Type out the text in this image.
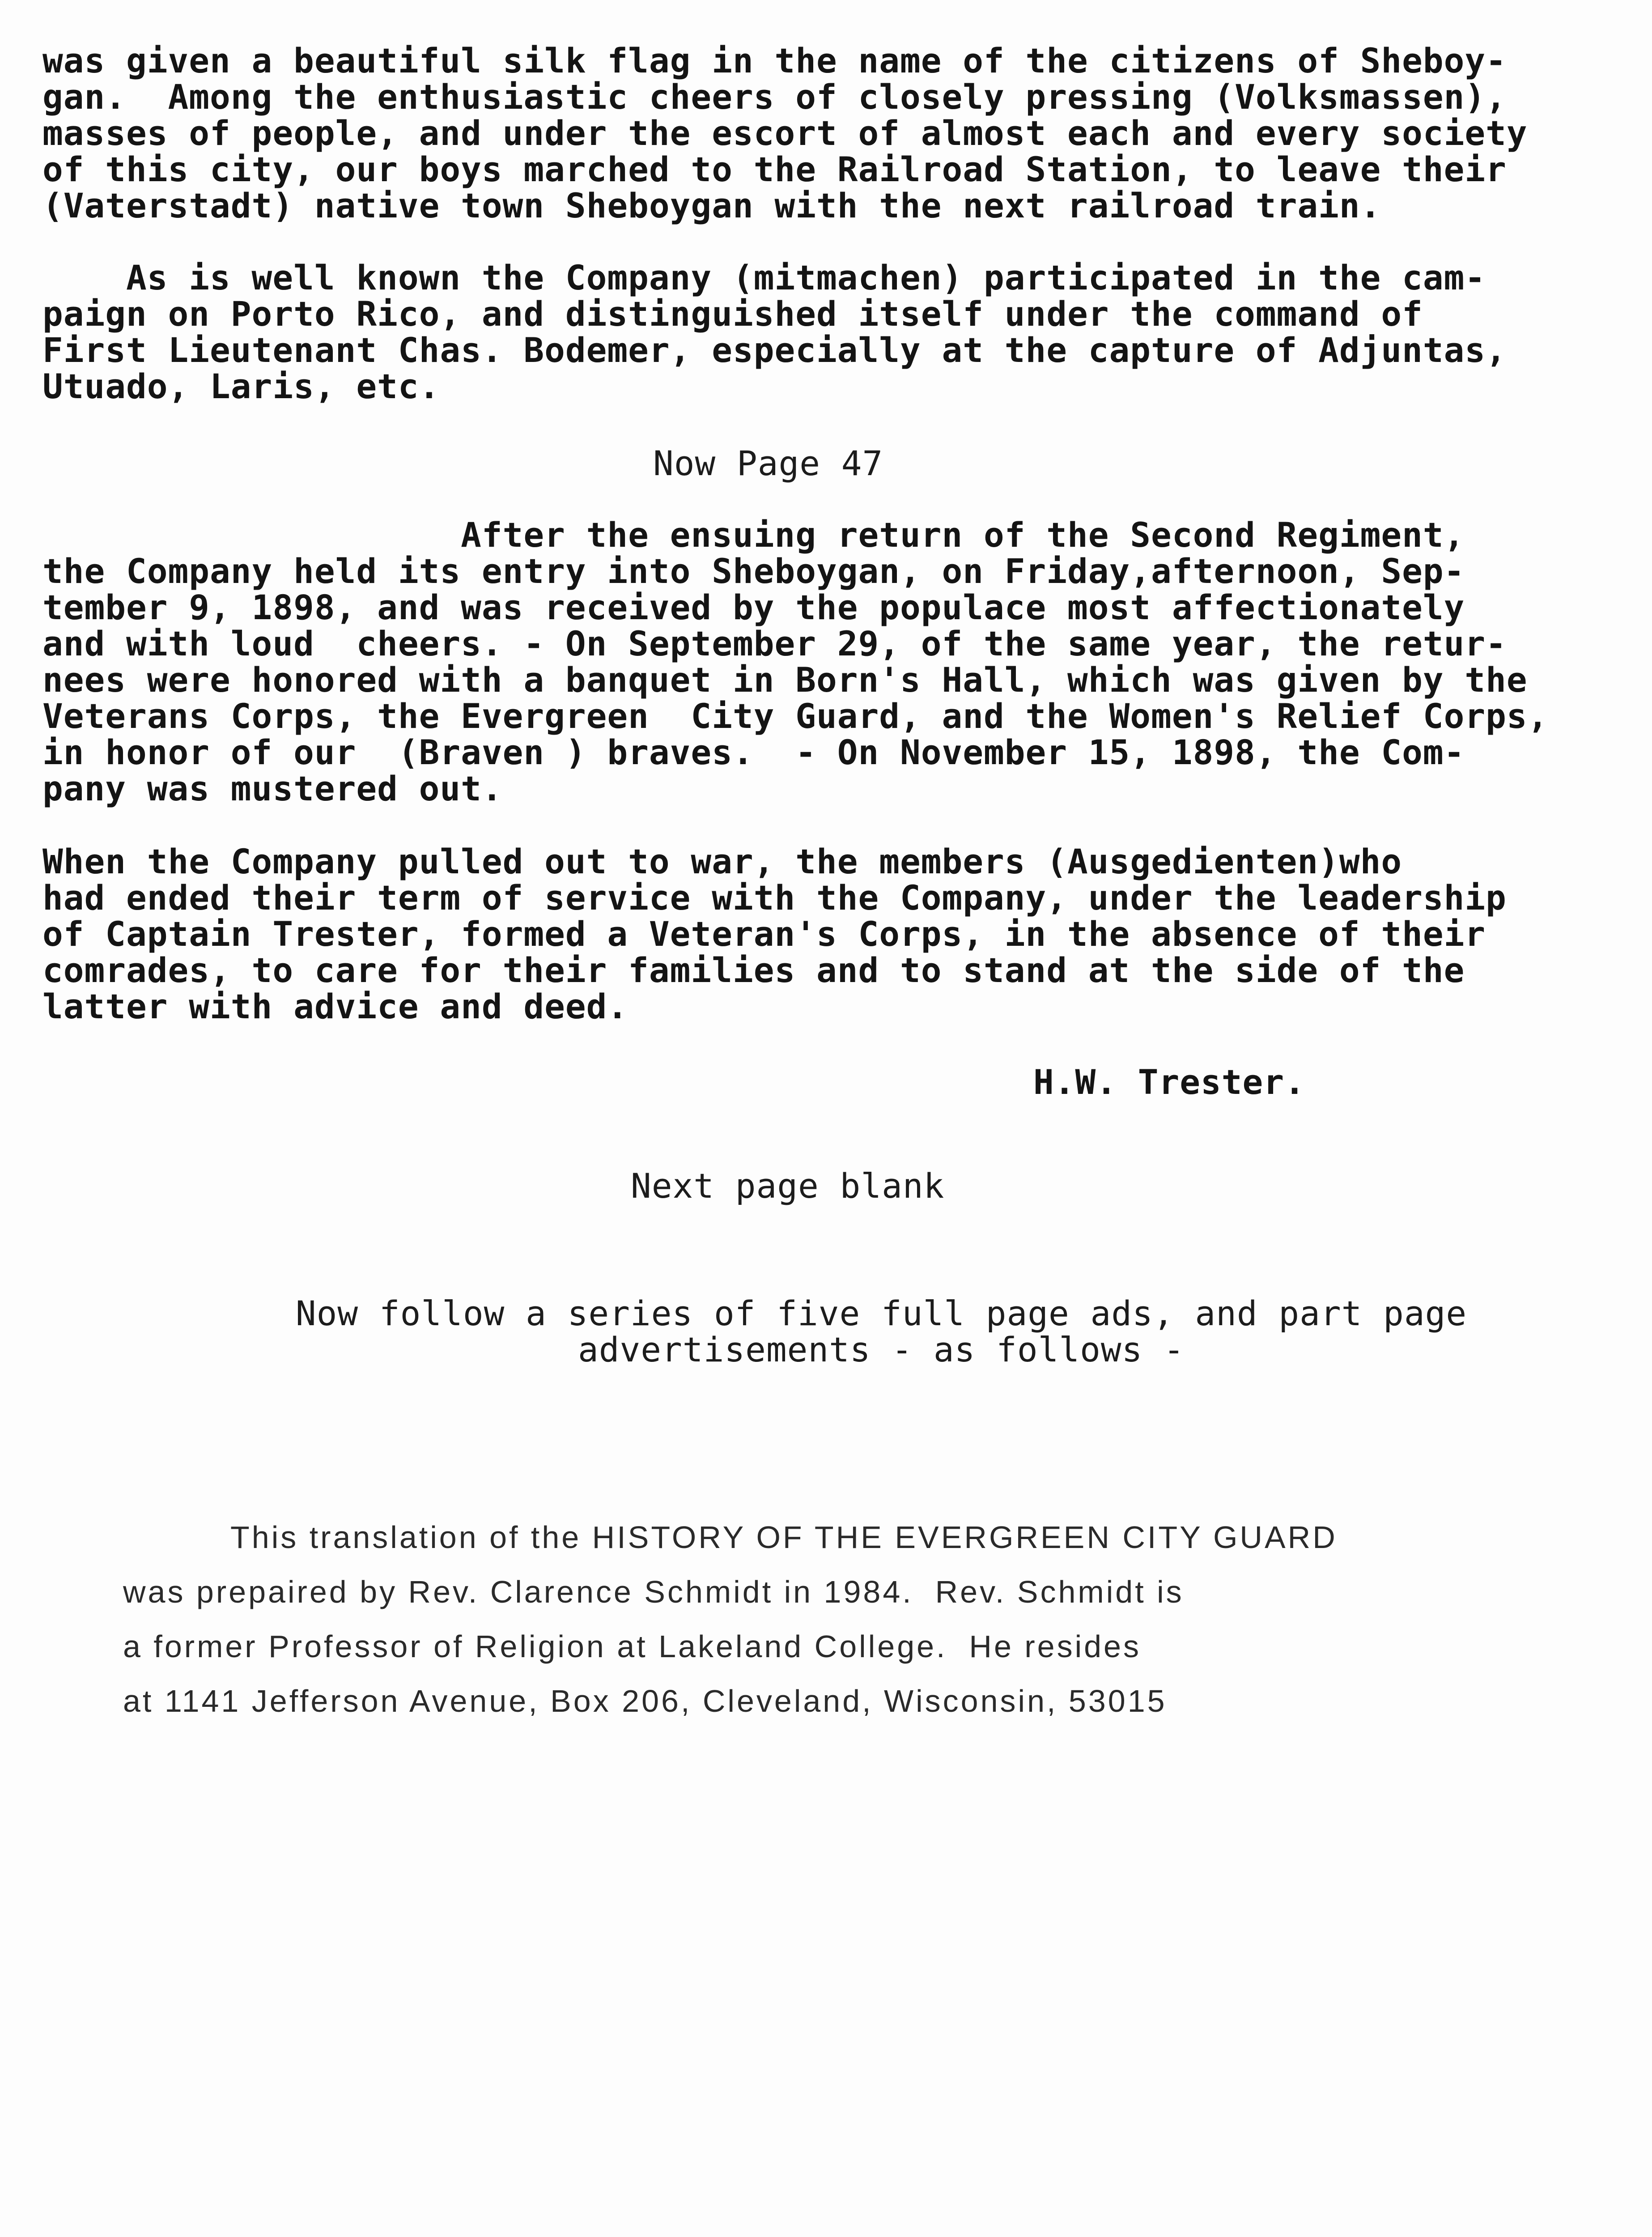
was given a beautiful silk flag in the name of the citizens of Sheboy-
gan.  Among the enthusiastic cheers of closely pressing (Volksmassen),
masses of people, and under the escort of almost each and every society
of this city, our boys marched to the Railroad Station, to leave their
(Vaterstadt) native town Sheboygan with the next railroad train.
As is well known the Company (mitmachen) participated in the cam-
paign on Porto Rico, and distinguished itself under the command of
First Lieutenant Chas. Bodemer, especially at the capture of Adjuntas,
Utuado, Laris, etc.
Now Page 47
After the ensuing return of the Second Regiment,
the Company held its entry into Sheboygan, on Friday,afternoon, Sep-
tember 9, 1898, and was received by the populace most affectionately
and with loud  cheers. - On September 29, of the same year, the retur-
nees were honored with a banquet in Born's Hall, which was given by the
Veterans Corps, the Evergreen  City Guard, and the Women's Relief Corps,
in honor of our  (Braven ) braves.  - On November 15, 1898, the Com-
pany was mustered out.
When the Company pulled out to war, the members (Ausgedienten)who
had ended their term of service with the Company, under the leadership
of Captain Trester, formed a Veteran's Corps, in the absence of their
comrades, to care for their families and to stand at the side of the
latter with advice and deed.
H.W. Trester.
Next page blank
Now follow a series of five full page ads, and part page
advertisements - as follows -
This translation of the HISTORY OF THE EVERGREEN CITY GUARD
was prepaired by Rev. Clarence Schmidt in 1984.  Rev. Schmidt is
a former Professor of Religion at Lakeland College.  He resides
at 1141 Jefferson Avenue, Box 206, Cleveland, Wisconsin, 53015
